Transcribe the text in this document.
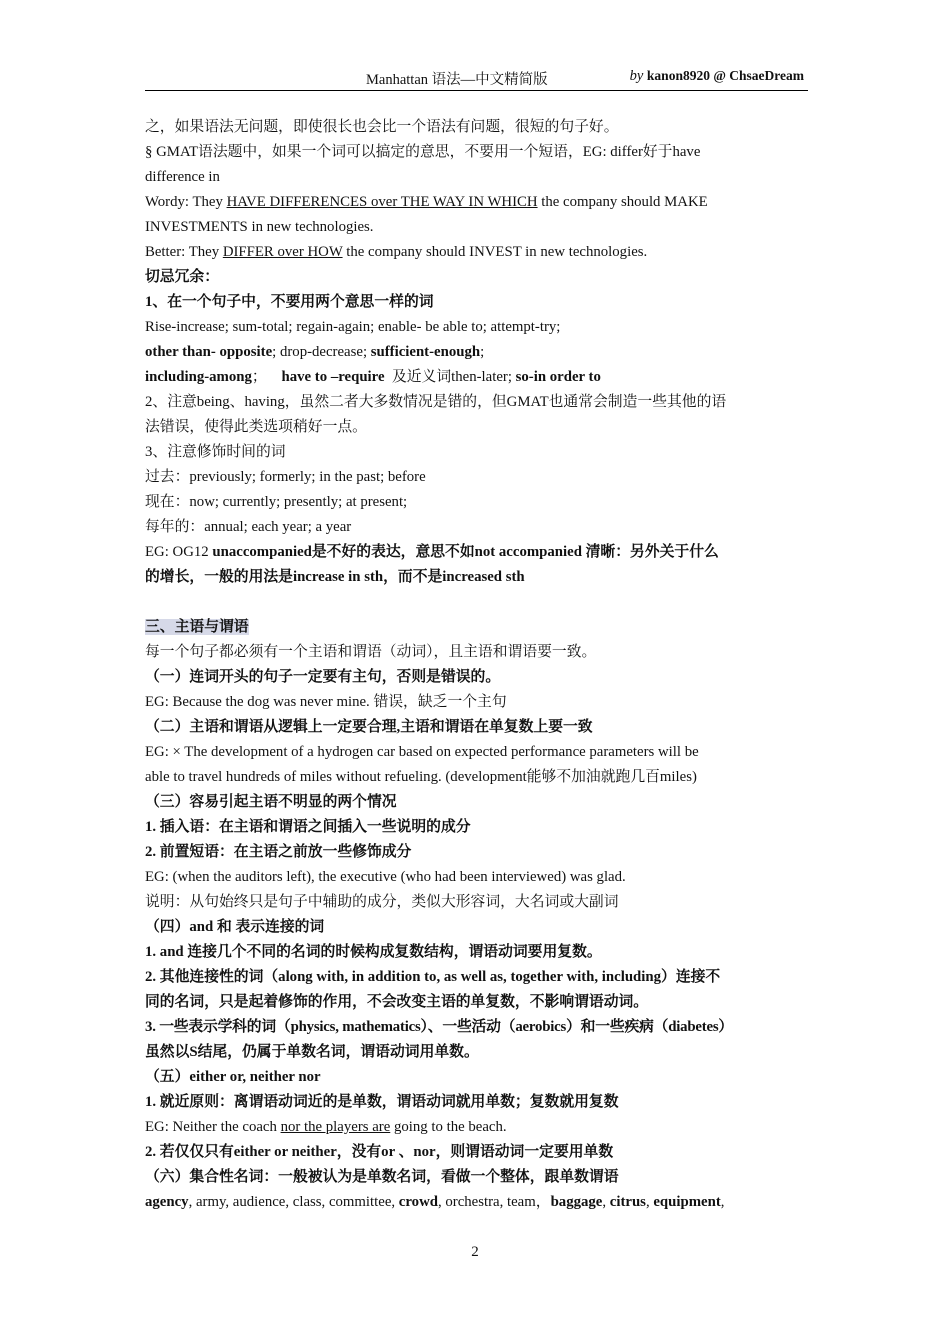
Manhattan 语法—中文精简版	by kanon8920 @ ChsaeDream
之，如果语法无问题，即使很长也会比一个语法有问题，很短的句子好。
§ GMAT语法题中，如果一个词可以搞定的意思，不要用一个短语，EG: differ好于have
difference in
Wordy: They HAVE DIFFERENCES over THE WAY IN WHICH the company should MAKE
INVESTMENTS in new technologies.
Better: They DIFFER over HOW the company should INVEST in new technologies.
切忌冗余：
1、在一个句子中，不要用两个意思一样的词
Rise-increase; sum-total; regain-again; enable- be able to; attempt-try;
other than- opposite; drop-decrease; sufficient-enough;
including-among；    have to –require  及近义词then-later; so-in order to
2、注意being、having，虽然二者大多数情况是错的，但GMAT也通常会制造一些其他的语
法错误，使得此类选项稍好一点。
3、注意修饰时间的词
过去：previously; formerly; in the past; before
现在：now; currently; presently; at present;
每年的：annual; each year; a year
EG: OG12 unaccompanied是不好的表达，意思不如not accompanied 清晰：另外关于什么
的增长，一般的用法是increase in sth，而不是increased sth
三、主语与谓语
每一个句子都必须有一个主语和谓语（动词），且主语和谓语要一致。
（一）连词开头的句子一定要有主句，否则是错误的。
EG: Because the dog was never mine. 错误，缺乏一个主句
（二）主语和谓语从逻辑上一定要合理,主语和谓语在单复数上要一致
EG: × The development of a hydrogen car based on expected performance parameters will be
able to travel hundreds of miles without refueling. (development能够不加油就跑几百miles)
（三）容易引起主语不明显的两个情况
1. 插入语：在主语和谓语之间插入一些说明的成分
2. 前置短语：在主语之前放一些修饰成分
EG: (when the auditors left), the executive (who had been interviewed) was glad.
说明：从句始终只是句子中辅助的成分，类似大形容词，大名词或大副词
（四）and 和 表示连接的词
1. and 连接几个不同的名词的时候构成复数结构，谓语动词要用复数。
2. 其他连接性的词（along with, in addition to, as well as, together with, including）连接不
同的名词，只是起着修饰的作用，不会改变主语的单复数，不影响谓语动词。
3. 一些表示学科的词（physics, mathematics）、一些活动（aerobics）和一些疾病（diabetes）
虽然以S结尾，仍属于单数名词，谓语动词用单数。
（五）either or, neither nor
1. 就近原则：离谓语动词近的是单数，谓语动词就用单数；复数就用复数
EG: Neither the coach nor the players are going to the beach.
2. 若仅仅只有either or neither，没有or 、nor，则谓语动词一定要用单数
（六）集合性名词：一般被认为是单数名词，看做一个整体，跟单数谓语
agency, army, audience, class, committee, crowd, orchestra, team，baggage, citrus, equipment,
2
